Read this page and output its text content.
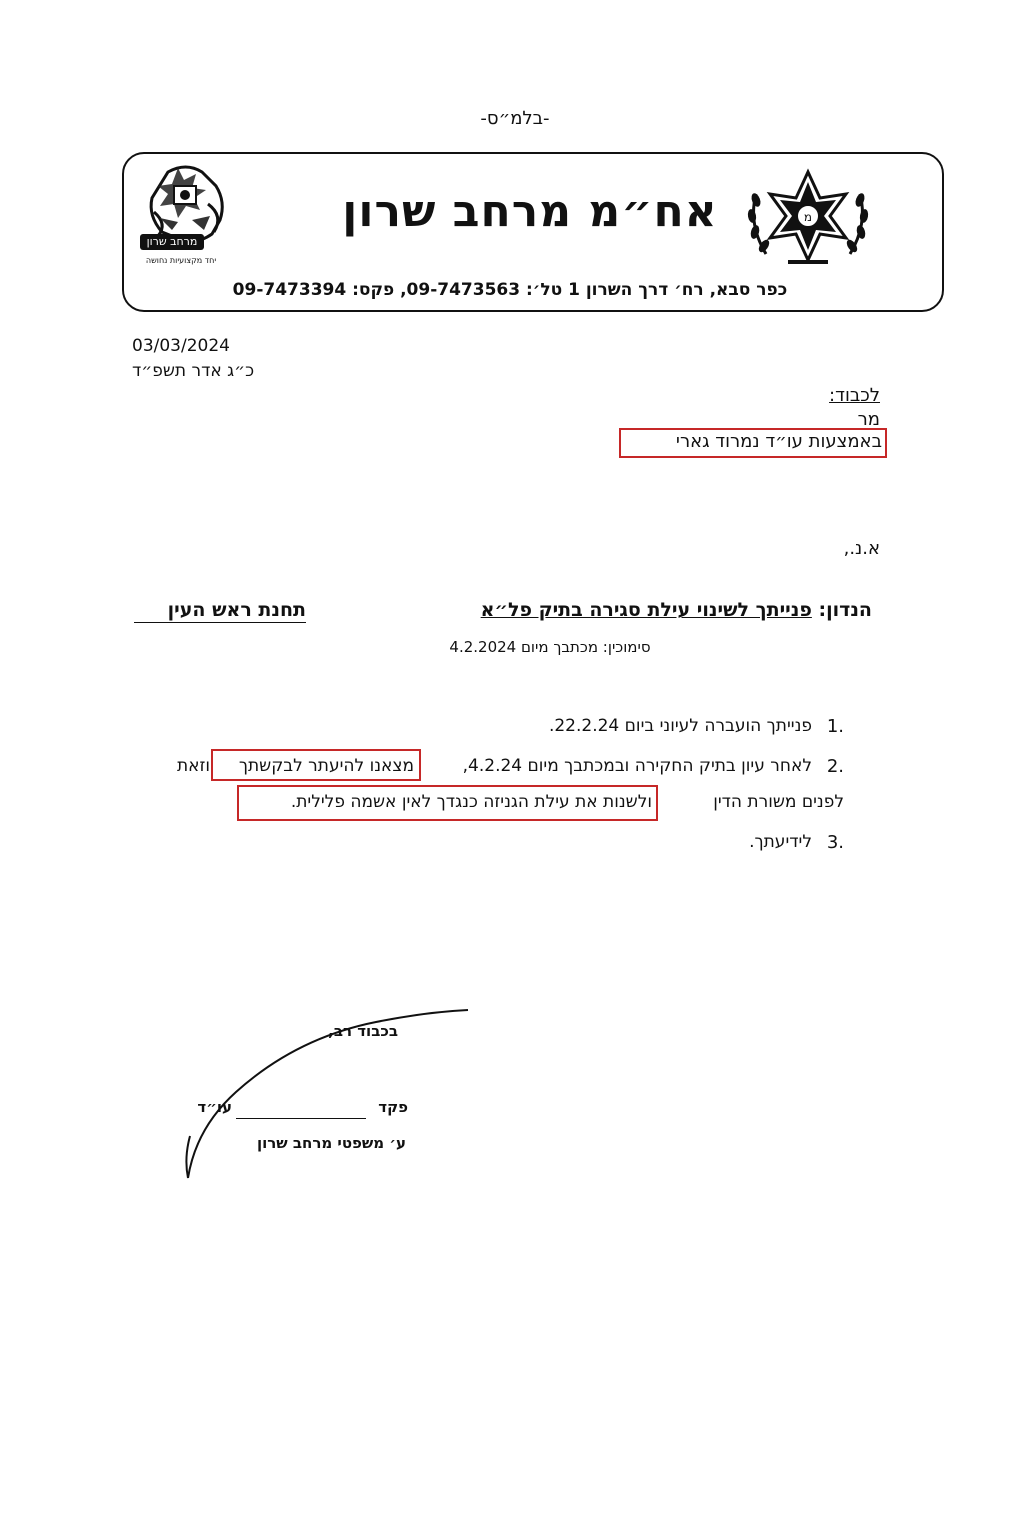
-בלמ״ס-
מרחב שרון
יחד מקצועיות נחושה
אח״מ מרחב שרון	מ
כפר סבא, רח׳ דרך השרון 1 טל׳: 09-7473563, פקס: 09-7473394
03/03/2024
כ״ג אדר תשפ״ד
לכבוד:
מר
באמצעות עו״ד נמרוד גארי
א.נ.,
הנדון: פנייתך לשינוי עילת סגירה בתיק פל״א
תחנת ראש העין
סימוכין: מכתבך מיום 4.2.2024
1.
פנייתך הועברה לעיוני ביום 22.2.24.
2.
לאחר עיון בתיק החקירה ובמכתבך מיום 4.2.24,
מצאנו להיעתר לבקשתך
וזאת
לפנים משורת הדין
ולשנות את עילת הגניזה כנגדך לאין אשמה פלילית.
3.
לידיעתך.
בכבוד רב,
פקד
עו״ד
ע׳ משפטי מרחב שרון
